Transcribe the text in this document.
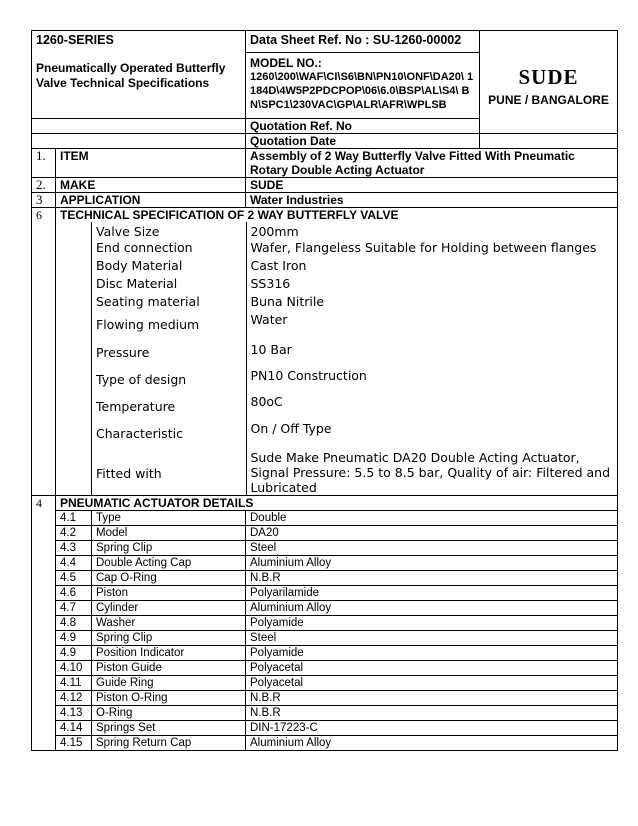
1260-SERIES
Pneumatically Operated Butterfly Valve Technical Specifications

Data Sheet Ref. No : SU-1260-00002
MODEL NO.:
1260\200\WAF\CI\S6\BN\PN10\ONF\DA20\ 1184D\4W5P2PDCPOP\06\6.0\BSP\AL\S4\ BN\SPC1\230VAC\GP\ALR\AFR\WPLSB

SUDE
PUNE / BANGALORE

	Quotation Ref. No
	Quotation Date	
1.	ITEM	Assembly of 2 Way Butterfly Valve Fitted With Pneumatic Rotary Double Acting Actuator
2.	MAKE	SUDE
3	APPLICATION	Water Industries
6	TECHNICAL SPECIFICATION OF 2 WAY BUTTERFLY VALVE

Valve Size	200mm
End connection	Wafer, Flangeless Suitable for Holding between flanges
Body Material	Cast Iron
Disc Material	SS316
Seating material	Buna Nitrile
Flowing medium	Water
Pressure	10 Bar
Type of design	PN10 Construction
Temperature	80oC
Characteristic	On / Off Type
Fitted with	Sude Make Pneumatic DA20 Double Acting Actuator, Signal Pressure: 5.5 to 8.5 bar, Quality of air: Filtered and Lubricated

4	PNEUMATIC ACTUATOR DETAILS
	4.1	Type	Double
	4.2	Model	DA20
	4.3	Spring Clip	Steel
	4.4	Double Acting Cap	Aluminium Alloy
	4.5	Cap O-Ring	N.B.R
	4.6	Piston	Polyarilamide
	4.7	Cylinder	Aluminium Alloy
	4.8	Washer	Polyamide
	4.9	Spring Clip	Steel
	4.9	Position Indicator	Polyamide
	4.10	Piston Guide	Polyacetal
	4.11	Guide Ring	Polyacetal
	4.12	Piston O-Ring	N.B.R
	4.13	O-Ring	N.B.R
	4.14	Springs Set	DIN-17223-C
	4.15	Spring Return Cap	Aluminium Alloy
